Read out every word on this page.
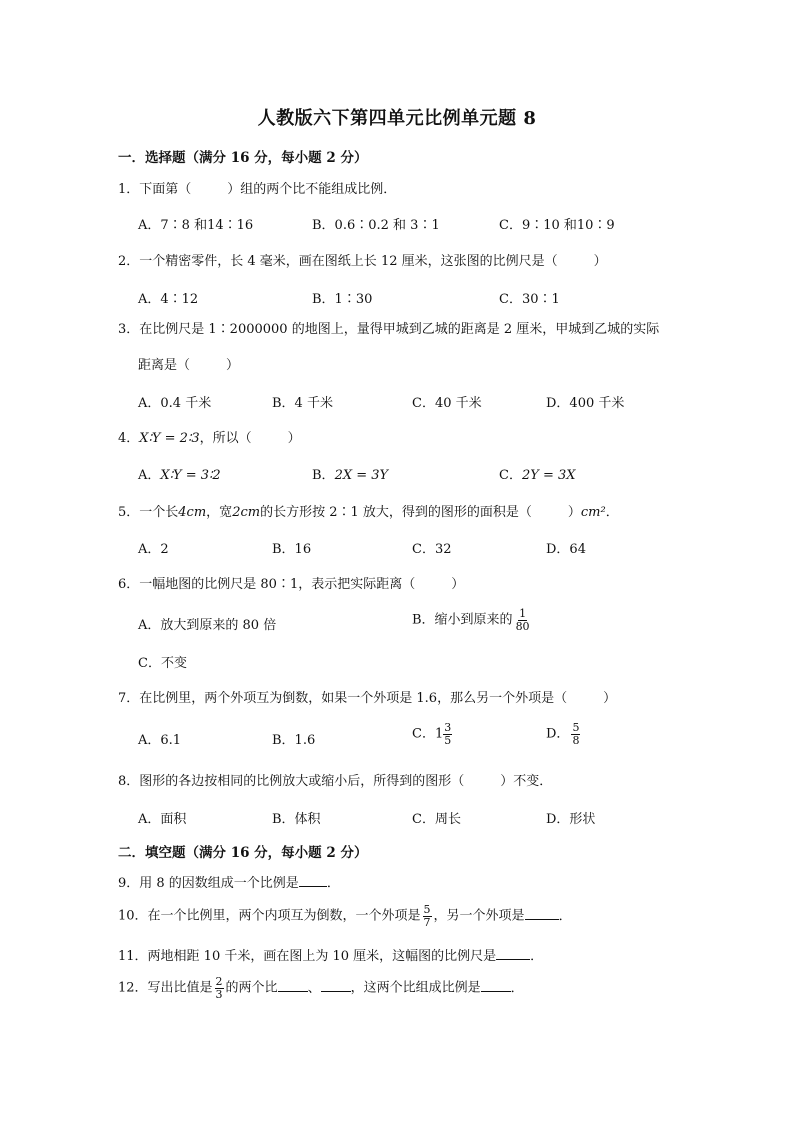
人教版六下第四单元比例单元题 8
一．选择题（满分 16 分，每小题 2 分）
1．下面第（	）组的两个比不能组成比例．
A．7∶8 和14∶16	B．0.6∶0.2 和 3∶1	C．9∶10 和10∶9
2．一个精密零件，长 4 毫米，画在图纸上长 12 厘米，这张图的比例尺是（	）
A．4∶12	B．1∶30	C．30∶1
3．在比例尺是 1∶2000000 的地图上，量得甲城到乙城的距离是 2 厘米，甲城到乙城的实际
距离是（	）
A．0.4 千米	B．4 千米	C．40 千米	D．400 千米
4．X∶Y = 2∶3，所以（	）
A．X∶Y = 3∶2	B．2X = 3Y	C．2Y = 3X
5．一个长4cm，宽2cm的长方形按 2∶1 放大，得到的图形的面积是（	）cm²．
A．2	B．16	C．32	D．64
6．一幅地图的比例尺是 80∶1，表示把实际距离（	）
A．放大到原来的 80 倍	B．缩小到原来的 $\frac{1}{80}$
C．不变
7．在比例里，两个外项互为倒数，如果一个外项是 1.6，那么另一个外项是（	）
A．6.1	B．1.6	C．$1 \frac{3}{5}$	D． $\frac{5}{8}$
8．图形的各边按相同的比例放大或缩小后，所得到的图形（	）不变．
A．面积	B．体积	C．周长	D．形状
二．填空题（满分 16 分，每小题 2 分）
9．用 8 的因数组成一个比例是 ．
10．在一个比例里，两个内项互为倒数，一个外项是 $\frac{5}{7}$ ，另一个外项是	．
11．两地相距 10 千米，画在图上为 10 厘米，这幅图的比例尺是	．
12．写出比值是 $\frac{2}{3}$ 的两个比 、 ，这两个比组成比例是 ．
